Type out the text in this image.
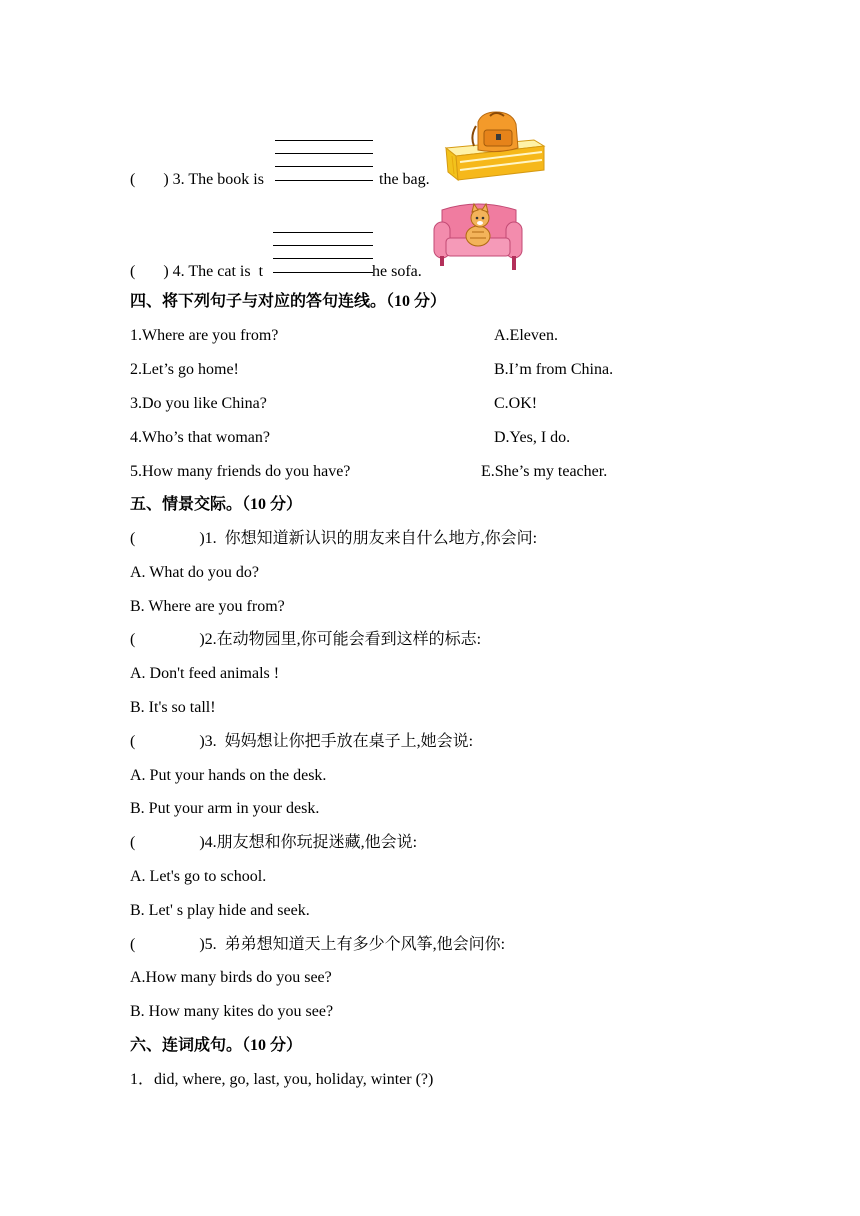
(       ) 3. The book is	the bag.
(       ) 4. The cat is  t	he sofa.
四、将下列句子与对应的答句连线。（10 分）
1.Where are you from?
2.Let’s go home!
3.Do you like China?
4.Who’s that woman?
5.How many friends do you have?
A.Eleven.
B.I’m from China.
C.OK!
D.Yes, I do.
E.She’s my teacher.
五、情景交际。（10 分）
(                )1.  你想知道新认识的朋友来自什么地方,你会问:
A. What do you do?
B. Where are you from?
(                )2.在动物园里,你可能会看到这样的标志:
A. Don't feed animals !
B. It's so tall!
(                )3.  妈妈想让你把手放在桌子上,她会说:
A. Put your hands on the desk.
B. Put your arm in your desk.
(                )4.朋友想和你玩捉迷藏,他会说:
A. Let's go to school.
B. Let' s play hide and seek.
(                )5.  弟弟想知道天上有多少个风筝,他会问你:
A.How many birds do you see?
B. How many kites do you see?
六、连词成句。（10 分）
1．did, where, go, last, you, holiday, winter (?)
